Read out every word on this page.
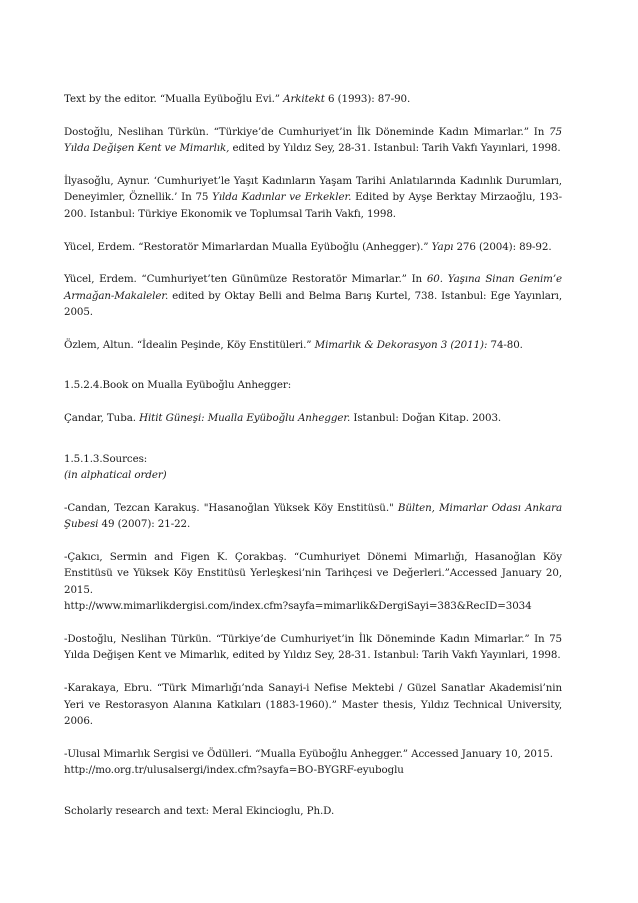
Text by the editor. “Mualla Eyüboğlu Evi.” Arkitekt 6 (1993): 87-90.

Dostoğlu, Neslihan Türkün. “Türkiye’de Cumhuriyet’in İlk Döneminde Kadın Mimarlar.” In 75 Yılda Değişen Kent ve Mimarlık, edited by Yıldız Sey, 28-31. Istanbul: Tarih Vakfı Yayınlari, 1998.

İlyasoğlu, Aynur. ‘Cumhuriyet’le Yaşıt Kadınların Yaşam Tarihi Anlatılarında Kadınlık Durumları, Deneyimler, Öznellik.’ In 75 Yılda Kadınlar ve Erkekler. Edited by Ayşe Berktay Mirzaoğlu, 193-200. Istanbul: Türkiye Ekonomik ve Toplumsal Tarih Vakfı, 1998.

Yücel, Erdem. “Restoratör Mimarlardan Mualla Eyüboğlu (Anhegger).” Yapı 276 (2004): 89-92.

Yücel, Erdem. “Cumhuriyet’ten Günümüze Restoratör Mimarlar.” In 60. Yaşına Sinan Genim’e Armağan-Makaleler. edited by Oktay Belli and Belma Barış Kurtel, 738. Istanbul: Ege Yayınları, 2005.

Özlem, Altun. “İdealin Peşinde, Köy Enstitüleri.” Mimarlık & Dekorasyon 3 (2011): 74-80.

1.5.2.4.Book on Mualla Eyüboğlu Anhegger:

Çandar, Tuba. Hitit Güneşi: Mualla Eyüboğlu Anhegger. Istanbul: Doğan Kitap. 2003.

1.5.1.3.Sources:

(in alphatical order)

-Candan, Tezcan Karakuş. "Hasanoğlan Yüksek Köy Enstitüsü." Bülten, Mimarlar Odası Ankara Şubesi 49 (2007): 21-22.

-Çakıcı, Sermin and Figen K. Çorakbaş. “Cumhuriyet Dönemi Mimarlığı, Hasanoğlan Köy Enstitüsü ve Yüksek Köy Enstitüsü Yerleşkesi’nin Tarihçesi ve Değerleri.”Accessed January 20, 2015.
http://www.mimarlikdergisi.com/index.cfm?sayfa=mimarlik&DergiSayi=383&RecID=3034

-Dostoğlu, Neslihan Türkün. “Türkiye’de Cumhuriyet’in İlk Döneminde Kadın Mimarlar.” In 75 Yılda Değişen Kent ve Mimarlık, edited by Yıldız Sey, 28-31. Istanbul: Tarih Vakfı Yayınlari, 1998.

-Karakaya, Ebru. “Türk Mimarlığı’nda Sanayi-i Nefise Mektebi / Güzel Sanatlar Akademisi’nin Yeri ve Restorasyon Alanına Katkıları (1883-1960).” Master thesis, Yıldız Technical University, 2006.

-Ulusal Mimarlık Sergisi ve Ödülleri. “Mualla Eyüboğlu Anhegger.” Accessed January 10, 2015.
http://mo.org.tr/ulusalsergi/index.cfm?sayfa=BO-BYGRF-eyuboglu

Scholarly research and text: Meral Ekincioglu, Ph.D.
